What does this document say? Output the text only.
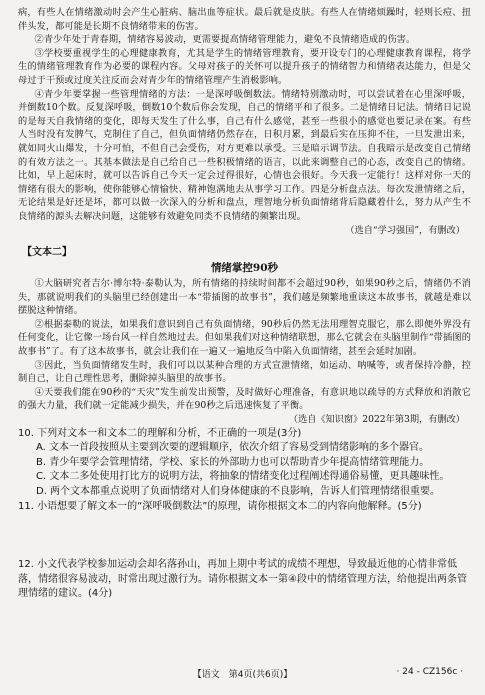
病，有些人在情绪激动时会产生心脏病、脑出血等症状。最后就是皮肤。有些人在情绪烦躁时，轻则长痘、扭伴头发，都可能是长期不良情绪带来的伤害。

②青少年处于青春期，情绪容易波动，更需要提高情绪管理能力，避免不良情绪造成的伤害。

③学校要重视学生的心理健康教育，尤其是学生的情绪管理教育，要开设专门的心理健康教育课程，将学生的情绪管理教育作为必要的课程内容。父母对孩子的关怀可以提升孩子的情绪智力和情绪表达能力，但是父母过于干预或过度关注反而会对青少年的情绪管理产生消极影响。

④青少年要掌握一些管理情绪的方法：一是深呼吸倒数法。情绪特别激动时，可以尝试着在心里深呼吸，并倒数10个数。反复深呼吸，倒数10个数后你会发现，自己的情绪平和了很多。二是情绪日记法。情绪日记说的是每天自我情绪的变化，即每天发生了什么事，自己有什么感觉，甚至一些很小的感觉也要记录在案。有些人当时没有发脾气，克制住了自己，但负面情绪仍然存在，日积月累，到最后实在压抑不住，一旦发泄出来，就如同火山爆发，十分可怕，不但自己会受伤，对方更难以承受。三是暗示调节法。自我暗示是改变自己情绪的有效方法之一。其基本做法是自己给自己一些积极情绪的语言，以此来调整自己的心态，改变自己的情绪。比如，早上起床时，就可以告诉自己今天一定会过得很好，心情也会很好。今天我一定能行！这样对你一天的情绪有很大的影响，使你能够心情愉快、精神饱满地去从事学习工作。四是分析盘点法。每次发泄情绪之后，无论结果是好还是坏，都可以做一次深入的分析和盘点，理智地分析负面情绪背后隐藏着什么，努力从产生不良情绪的源头去解决问题，这能够有效避免同类不良情绪的频繁出现。

（选自“学习强国”，有删改）

【文本二】
情绪掌控90秒

①大脑研究者吉尔·博尔特·泰勒认为，所有情绪的持续时间都不会超过90秒，如果90秒之后，情绪仍不消失，那就说明我们的头脑里已经创建出一本“带插图的故事书”，我们越是频繁地重读这本故事书，就越是难以摆脱这种情绪。

②根据泰勒的说法，如果我们意识到自己有负面情绪，90秒后仍然无法用理智克服它，那么即便外界没有任何变化，让它像一场台风一样自然地过去。但如果我们对这种情绪联想，那么它就会在头脑里制作“带插图的故事书”了。有了这本故事书，就会让我们在一遍又一遍地反刍中陷入负面情绪，甚至会延时加剧。

③因此，当负面情绪发生时，我们可以以某种合理的方式宣泄情绪，如运动、呐喊等，或者保持冷静，控制自己，让自己理性思考，删除掉头脑里的故事书。

④天要我们能在90秒的“天灾”发生前发出预警，及时做好心理准备，有意识地以疏导的方式释放和消散它的强大力量，我们就一定能减少损失，并在90秒之后迅速恢复了平衡。

（选自《知识窗》2022年第3期，有删改）

10. 下列对文本一和文本二的理解和分析，不正确的一项是(3分)

A. 文本一首段按照从主要到次要的逻辑顺序，依次介绍了容易受到情绪影响的多个器官。

B. 青少年要学会管理情绪，学校、家长的外部助力也可以帮助青少年提高情绪管理能力。

C. 文本二多处使用打比方的说明方法，将抽象的情绪变化过程阐述得通俗易懂，更具趣味性。

D. 两个文本都重点说明了负面情绪对人们身体健康的不良影响，告诉人们管理情绪很重要。

11. 小语想要了解文本一的“深呼吸倒数法”的原理，请你根据文本二的内容向他解释。(5分)

12. 小文代表学校参加运动会却名落孙山，再加上期中考试的成绩不理想，导致最近他的心情非常低落，情绪很容易波动，时常出现过激行为。请你根据文本一第④段中的情绪管理方法，给他提出两条管理情绪的建议。(4分)

【语文　第4页(共6页)】	· 24 - CZ156c ·
